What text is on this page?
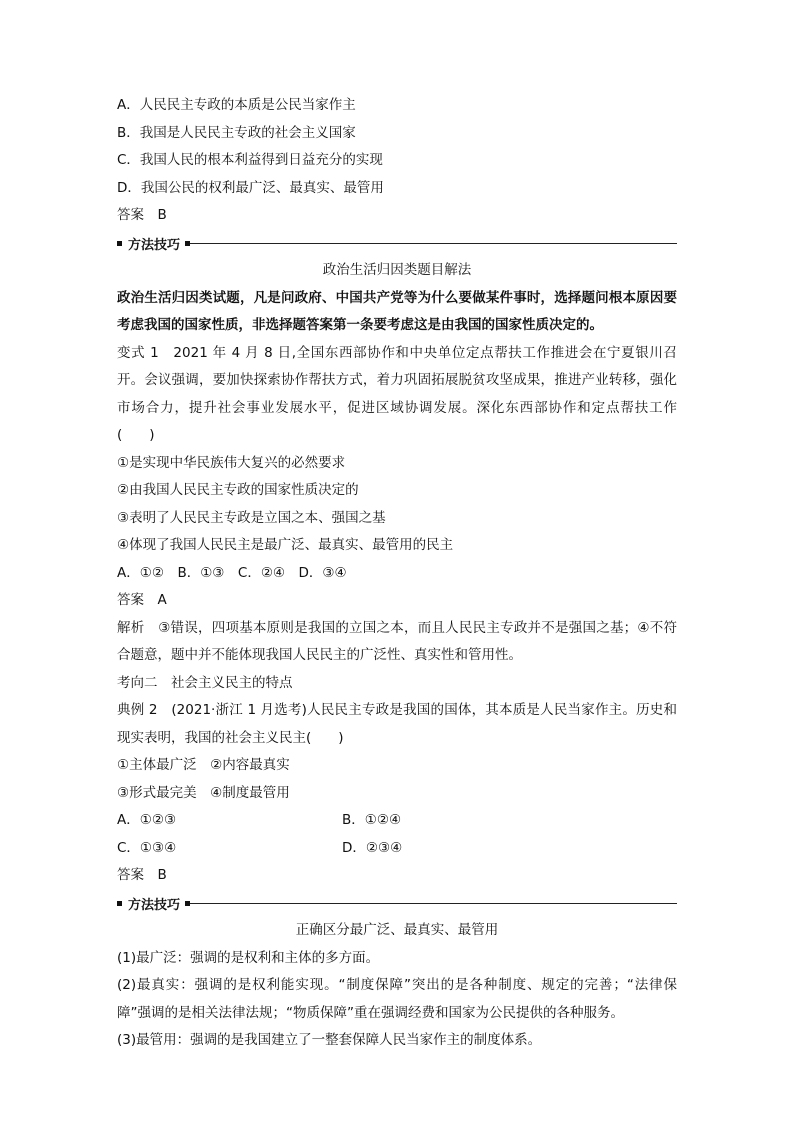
A．人民民主专政的本质是公民当家作主
B．我国是人民民主专政的社会主义国家
C．我国人民的根本利益得到日益充分的实现
D．我国公民的权利最广泛、最真实、最管用
答案　B
方法技巧
政治生活归因类题目解法
政治生活归因类试题，凡是问政府、中国共产党等为什么要做某件事时，选择题问根本原因要考虑我国的国家性质，非选择题答案第一条要考虑这是由我国的国家性质决定的。
变式 1　2021 年 4 月 8 日,全国东西部协作和中央单位定点帮扶工作推进会在宁夏银川召开。会议强调，要加快探索协作帮扶方式，着力巩固拓展脱贫攻坚成果，推进产业转移，强化市场合力，提升社会事业发展水平，促进区域协调发展。深化东西部协作和定点帮扶工作(　　)
①是实现中华民族伟大复兴的必然要求
②由我国人民民主专政的国家性质决定的
③表明了人民民主专政是立国之本、强国之基
④体现了我国人民民主是最广泛、最真实、最管用的民主
A．①②　B．①③　C．②④　D．③④
答案　A
解析　③错误，四项基本原则是我国的立国之本，而且人民民主专政并不是强国之基；④不符合题意，题中并不能体现我国人民民主的广泛性、真实性和管用性。
考向二　社会主义民主的特点
典例 2　(2021·浙江 1 月选考)人民民主专政是我国的国体，其本质是人民当家作主。历史和现实表明，我国的社会主义民主(　　)
①主体最广泛　②内容最真实
③形式最完美　④制度最管用
A．①②③	B．①②④
C．①③④	D．②③④
答案　B
方法技巧
正确区分最广泛、最真实、最管用
(1)最广泛：强调的是权利和主体的多方面。
(2)最真实：强调的是权利能实现。“制度保障”突出的是各种制度、规定的完善；“法律保障”强调的是相关法律法规；“物质保障”重在强调经费和国家为公民提供的各种服务。
(3)最管用：强调的是我国建立了一整套保障人民当家作主的制度体系。
